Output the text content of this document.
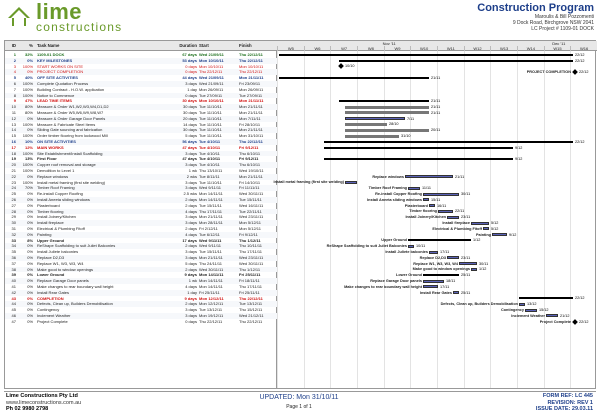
lime
constructions
Construction Program
Maroulis & Bill Pozzomenti
9 Dock Road, Birchgrove NSW 2041
LC Project # 1109-01 DOCK
ID	% Task Name	Duration Start	Finish
1	32% 1109-01 DOCK	67 days Wed 21/09/11	Thu 22/12/11
2	0% KEY MILESTONES	53 days Mon 10/10/11	Thu 22/12/11
3	100% START WORKS ON SITE	0 days Mon 10/10/11	Mon 10/10/11
4	0% PROJECT COMPLETION	0 days Thu 22/12/11	Thu 22/12/11
5	40% OFF SITE ACTIVITIES	44 days Wed 21/09/11	Mon 21/11/11
6	100% Complete Quotation Process	3 days Wed 21/09/11	Fri 23/09/11
7	100% Building Contract - H.O.W. application	1 day Mon 26/09/11	Mon 26/09/11
8	100% Notice to Commence	0 days Tue 27/09/11	Tue 27/09/11
9	47% LEAD TIME ITEMS	30 days Mon 10/10/11	Mon 21/11/11
10	80% Measure & Order W1,W2,W3,W4,D1,D2	30 days Tue 11/10/11	Mon 21/11/11
11	80% Measure & Order W5,W6,W9,W8,W7	30 days Tue 11/10/11	Mon 21/11/11
12	0% Measure & Order Garage Door Panels	20 days Tue 11/10/11	Mon 7/11/11
13	100% Measure & Fabricate Steel Items	14 days Tue 11/10/11	Fri 28/10/11
14	0% Sliding Gate sourcing and fabrication	30 days Tue 11/10/11	Mon 21/11/11
15	100% Order timber flooring from lockwood Mill	5 days Tue 11/10/11	Mon 31/10/11
16	10% ON SITE ACTIVITIES	56 days Tue 4/10/11	Thu 22/12/11
17	12% MAIN WORKS	47 days Tue 4/10/11	Fri 9/12/11
18	100% Site Establishment/Install Scaffolding	3 days Tue 4/10/11	Thu 6/10/11
19	13% First Floor	47 days Tue 4/10/11	Fri 9/12/11
20	100% Copper roof removal and storage	3 days Tue 4/10/11	Thu 6/10/11
21	100% Demolition to Level 1	1 wk Thu 13/10/11	Wed 19/10/11
22	0% Replace windows	2 wks Tue 8/11/11	Mon 21/11/11
23	100% Install metal framing (first site welding)	3 days Tue 11/10/11	Fri 14/10/11
24	70% Timber Roof Framing	3 days Wed 9/11/11	Fri 11/11/11
25	0% Re-install Copper Roofing	2.5 wks Mon 14/11/11	Wed 30/11/11
26	0% Install Aneeta sliding windows	2 days Mon 14/11/11	Tue 15/11/11
27	0% Plasterboard	2 days Tue 15/11/11	Wed 16/11/11
28	0% Timber flooring	4 days Thu 17/11/11	Tue 22/11/11
29	0% Install Joinery/Kitchen	3 days Mon 21/11/11	Wed 23/11/11
30	0% Install fireplace	3 days Mon 28/11/11	Mon 5/12/11
31	0% Electrical & Plumbing Fitoff	2 days Fri 2/12/11	Mon 5/12/11
32	0% Painting	4 days Tue 6/12/11	Fri 9/12/11
33	8% Upper Ground	17 days Wed 9/11/11	Thu 1/12/11
34	0% ReShape Scaffolding to suit Juliet Balconies	2 days Wed 9/11/11	Thu 10/11/11
35	0% Install Juliete balconies	3 days Tue 15/11/11	Thu 17/11/11
36	0% Replace D2,D3	3 days Mon 21/11/11	Wed 23/11/11
37	0% Replace W1, W3, W3, W4	5 days Thu 24/11/11	Wed 30/11/11
38	0% Make good to window openings	2 days Wed 30/11/11	Thu 1/12/11
39	0% Lower Ground	9 days Mon 14/11/11	Fri 25/11/11
40	0% Replace Garage Door panels	1 wk Mon 14/11/11	Fri 18/11/11
41	0% Make changes to rear boundary wall height	4 days Mon 14/11/11	Thu 17/11/11
42	0% Install Rear Gates	1 day Fri 25/11/11	Fri 25/11/11
43	0% COMPLETION	9 days Mon 12/12/11	Thu 22/12/11
44	0% Defects, Clean up, Builders Demobilisation	2 days Mon 12/12/11	Tue 13/12/11
45	0% Contingency	3 days Tue 13/12/11	Thu 15/12/11
46	0% Inclement Weather	3 days Mon 19/12/11	Wed 21/12/11
47	0% Project Complete	0 days Thu 22/12/11	Thu 22/12/11
W5	W6	W7	W8	W9	W10	W11	W12	W13	W14	W15	W16
Nov '11	Dec '11
22/12
22/12
10/10
PROJECT COMPLETION 22/12
21/11
21/11
21/11
21/11
7/11
28/10
20/11
31/10
22/12
9/12
9/12
Replace windows	21/11
Install metal framing (first site welding)
Timber Roof Framing	11/11
Re-install Copper Roofing	30/11
Install Aneeta sliding windows 15/11
Plasterboard 16/11
Timber flooring	22/11
Install Joinery/Kitchen	23/11
Install fireplace	5/12
Electrical & Plumbing Fitoff 5/12
Painting	9/12
Upper Ground	1/12
ReShape Scaffolding to suit Juliet Balconies 10/11
Install Juliete balconies	17/11
Replace D2,D3	23/11
Replace W1, W3, W3, W4	30/11
Make good to window openings 1/12
Lower Ground	25/11
Replace Garage Door panels	18/11
Make changes to rear boundary wall height	17/11
Install Rear Gates 25/11
22/12
Defects, Clean up, Builders Demobilisation 13/12
Contingency	15/12
Inclement Weather	21/12
Project Complete 22/12
Lime Constructions Pty Ltd
www.limeconstructions.com.au
Ph 02 9980 2798
UPDATED: Mon 31/10/11
Page 1 of 1
FORM REF: LC 445
REVISION: REV 1
ISSUE DATE: 29.03.11
